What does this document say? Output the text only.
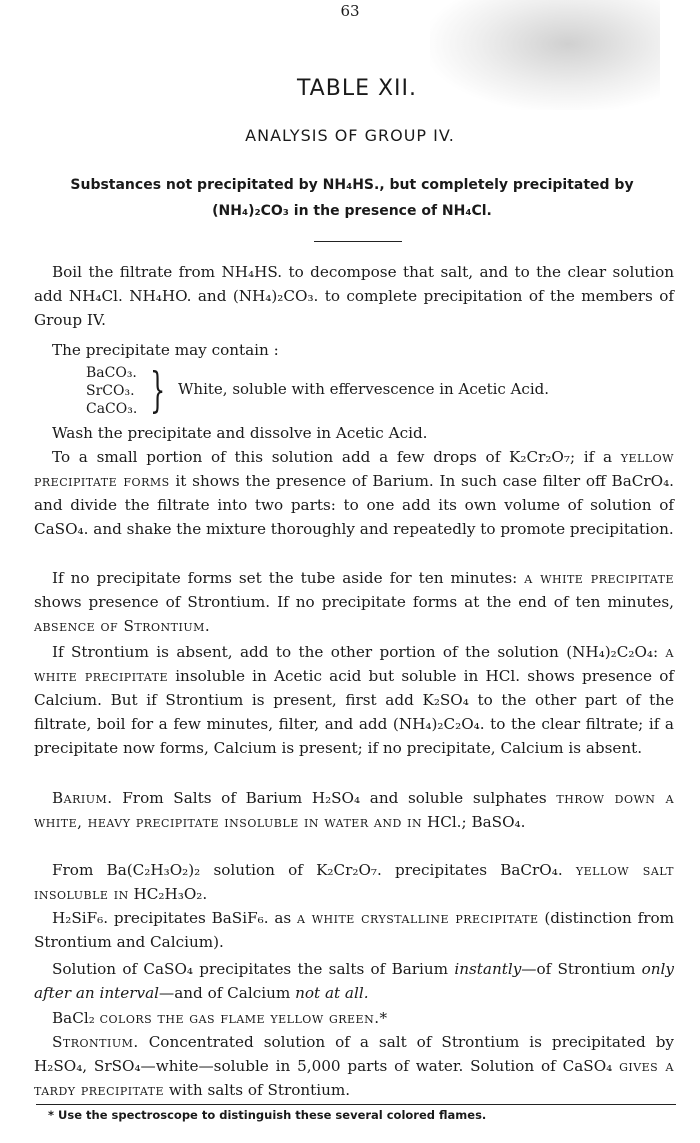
63
TABLE XII.
ANALYSIS OF GROUP IV.
Substances not precipitated by NH₄HS., but completely precipitated by (NH₄)₂CO₃ in the presence of NH₄Cl.

Boil the filtrate from NH₄HS. to decompose that salt, and to the clear solution add NH₄Cl. NH₄HO. and (NH₄)₂CO₃. to complete precipitation of the members of Group IV.

The precipitate may contain :

BaCO₃.
SrCO₃.
CaCO₃. } White, soluble with effervescence in Acetic Acid.

Wash the precipitate and dissolve in Acetic Acid.

To a small portion of this solution add a few drops of K₂Cr₂O₇; if a yellow precipitate forms it shows the presence of Barium. In such case filter off BaCrO₄. and divide the filtrate into two parts: to one add its own volume of solution of CaSO₄. and shake the mixture thoroughly and repeatedly to promote precipitation.

If no precipitate forms set the tube aside for ten minutes: a white precipitate shows presence of Strontium. If no precipitate forms at the end of ten minutes, absence of Strontium.

If Strontium is absent, add to the other portion of the solution (NH₄)₂C₂O₄: a white precipitate insoluble in Acetic acid but soluble in HCl. shows presence of Calcium. But if Strontium is present, first add K₂SO₄ to the other part of the filtrate, boil for a few minutes, filter, and add (NH₄)₂C₂O₄. to the clear filtrate; if a precipitate now forms, Calcium is present; if no precipitate, Calcium is absent.

Barium. From Salts of Barium H₂SO₄ and soluble sulphates throw down a white, heavy precipitate insoluble in water and in HCl.; BaSO₄.

From Ba(C₂H₃O₂)₂ solution of K₂Cr₂O₇. precipitates BaCrO₄. yellow salt insoluble in HC₂H₃O₂.

H₂SiF₆. precipitates BaSiF₆. as a white crystalline precipitate (distinction from Strontium and Calcium).

Solution of CaSO₄ precipitates the salts of Barium instantly—of Strontium only after an interval—and of Calcium not at all.

BaCl₂ colors the gas flame yellow green.*

Strontium. Concentrated solution of a salt of Strontium is precipitated by H₂SO₄, SrSO₄—white—soluble in 5,000 parts of water. Solution of CaSO₄ gives a tardy precipitate with salts of Strontium.

* Use the spectroscope to distinguish these several colored flames.
